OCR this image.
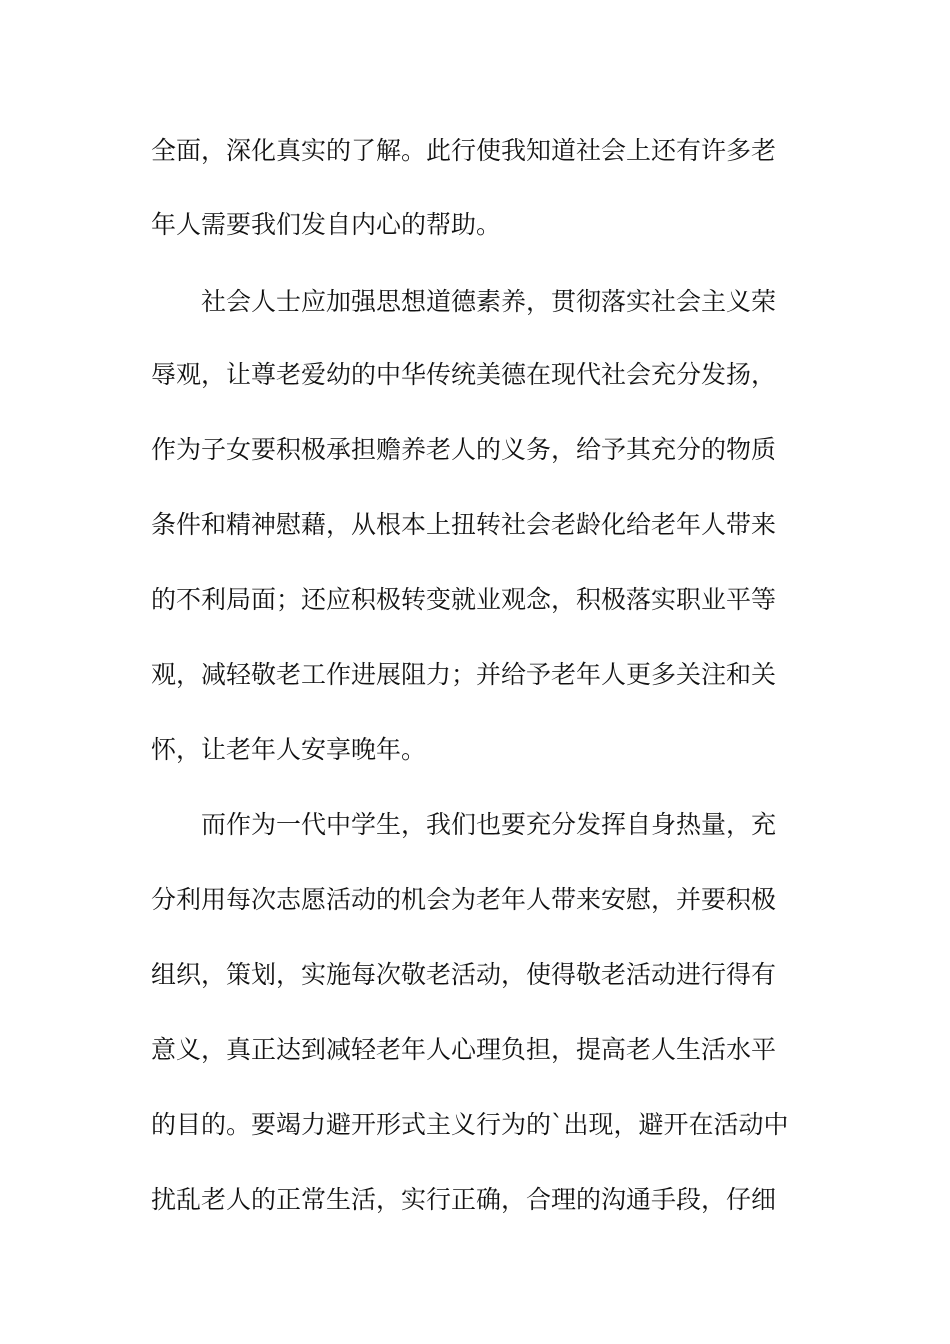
全面，深化真实的了解。此行使我知道社会上还有许多老
年人需要我们发自内心的帮助。
社会人士应加强思想道德素养，贯彻落实社会主义荣
辱观，让尊老爱幼的中华传统美德在现代社会充分发扬，
作为子女要积极承担赡养老人的义务，给予其充分的物质
条件和精神慰藉，从根本上扭转社会老龄化给老年人带来
的不利局面；还应积极转变就业观念，积极落实职业平等
观，减轻敬老工作进展阻力；并给予老年人更多关注和关
怀，让老年人安享晚年。
而作为一代中学生，我们也要充分发挥自身热量，充
分利用每次志愿活动的机会为老年人带来安慰，并要积极
组织，策划，实施每次敬老活动，使得敬老活动进行得有
意义，真正达到减轻老年人心理负担，提高老人生活水平
的目的。要竭力避开形式主义行为的`出现，避开在活动中
扰乱老人的正常生活，实行正确，合理的沟通手段，仔细
